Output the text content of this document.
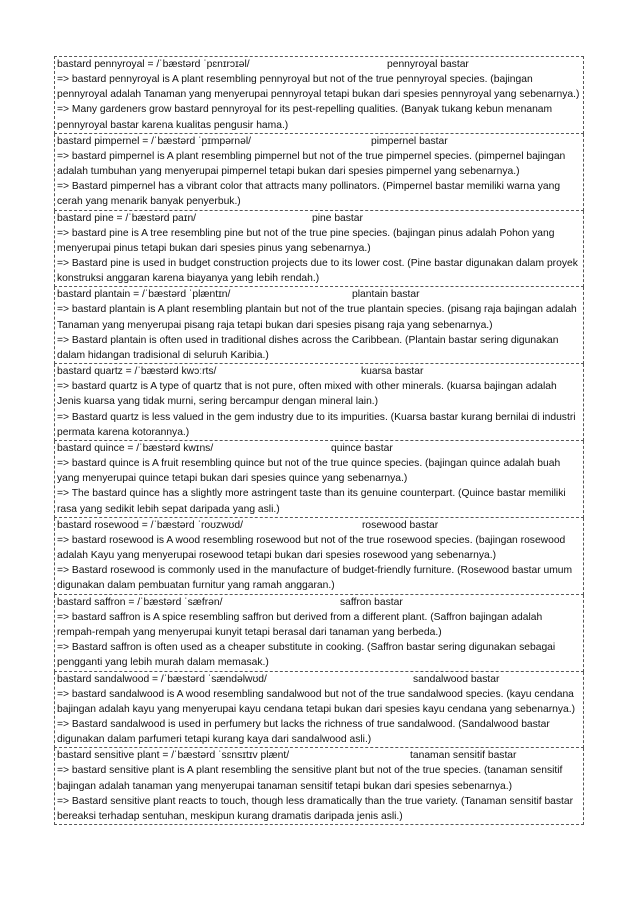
bastard pennyroyal = /ˈbæstərd ˈpɛnɪrɔɪəl/	pennyroyal bastar

=> bastard pennyroyal is A plant resembling pennyroyal but not of the true pennyroyal species. (bajingan pennyroyal adalah Tanaman yang menyerupai pennyroyal tetapi bukan dari spesies pennyroyal yang sebenarnya.)

=> Many gardeners grow bastard pennyroyal for its pest-repelling qualities. (Banyak tukang kebun menanam pennyroyal bastar karena kualitas pengusir hama.)

bastard pimpernel = /ˈbæstərd ˈpɪmpərnəl/	pimpernel bastar

=> bastard pimpernel is A plant resembling pimpernel but not of the true pimpernel species. (pimpernel bajingan adalah tumbuhan yang menyerupai pimpernel tetapi bukan dari spesies pimpernel yang sebenarnya.)

=> Bastard pimpernel has a vibrant color that attracts many pollinators. (Pimpernel bastar memiliki warna yang cerah yang menarik banyak penyerbuk.)

bastard pine = /ˈbæstərd paɪn/	pine bastar

=> bastard pine is A tree resembling pine but not of the true pine species. (bajingan pinus adalah Pohon yang menyerupai pinus tetapi bukan dari spesies pinus yang sebenarnya.)

=> Bastard pine is used in budget construction projects due to its lower cost. (Pine bastar digunakan dalam proyek konstruksi anggaran karena biayanya yang lebih rendah.)

bastard plantain = /ˈbæstərd ˈplæntɪn/	plantain bastar

=> bastard plantain is A plant resembling plantain but not of the true plantain species. (pisang raja bajingan adalah Tanaman yang menyerupai pisang raja tetapi bukan dari spesies pisang raja yang sebenarnya.)

=> Bastard plantain is often used in traditional dishes across the Caribbean. (Plantain bastar sering digunakan dalam hidangan tradisional di seluruh Karibia.)

bastard quartz = /ˈbæstərd kwɔːrts/	kuarsa bastar

=> bastard quartz is A type of quartz that is not pure, often mixed with other minerals. (kuarsa bajingan adalah Jenis kuarsa yang tidak murni, sering bercampur dengan mineral lain.)

=> Bastard quartz is less valued in the gem industry due to its impurities. (Kuarsa bastar kurang bernilai di industri permata karena kotorannya.)

bastard quince = /ˈbæstərd kwɪns/	quince bastar

=> bastard quince is A fruit resembling quince but not of the true quince species. (bajingan quince adalah buah yang menyerupai quince tetapi bukan dari spesies quince yang sebenarnya.)

=> The bastard quince has a slightly more astringent taste than its genuine counterpart. (Quince bastar memiliki rasa yang sedikit lebih sepat daripada yang asli.)

bastard rosewood = /ˈbæstərd ˈroʊzwʊd/	rosewood bastar

=> bastard rosewood is A wood resembling rosewood but not of the true rosewood species. (bajingan rosewood adalah Kayu yang menyerupai rosewood tetapi bukan dari spesies rosewood yang sebenarnya.)

=> Bastard rosewood is commonly used in the manufacture of budget-friendly furniture. (Rosewood bastar umum digunakan dalam pembuatan furnitur yang ramah anggaran.)

bastard saffron = /ˈbæstərd ˈsæfrən/	saffron bastar

=> bastard saffron is A spice resembling saffron but derived from a different plant. (Saffron bajingan adalah rempah-rempah yang menyerupai kunyit tetapi berasal dari tanaman yang berbeda.)

=> Bastard saffron is often used as a cheaper substitute in cooking. (Saffron bastar sering digunakan sebagai pengganti yang lebih murah dalam memasak.)

bastard sandalwood = /ˈbæstərd ˈsændəlwʊd/	sandalwood bastar

=> bastard sandalwood is A wood resembling sandalwood but not of the true sandalwood species. (kayu cendana bajingan adalah kayu yang menyerupai kayu cendana tetapi bukan dari spesies kayu cendana yang sebenarnya.)

=> Bastard sandalwood is used in perfumery but lacks the richness of true sandalwood. (Sandalwood bastar digunakan dalam parfumeri tetapi kurang kaya dari sandalwood asli.)

bastard sensitive plant = /ˈbæstərd ˈsɛnsɪtɪv plænt/	tanaman sensitif bastar

=> bastard sensitive plant is A plant resembling the sensitive plant but not of the true species. (tanaman sensitif bajingan adalah tanaman yang menyerupai tanaman sensitif tetapi bukan dari spesies sebenarnya.)

=> Bastard sensitive plant reacts to touch, though less dramatically than the true variety. (Tanaman sensitif bastar bereaksi terhadap sentuhan, meskipun kurang dramatis daripada jenis asli.)
